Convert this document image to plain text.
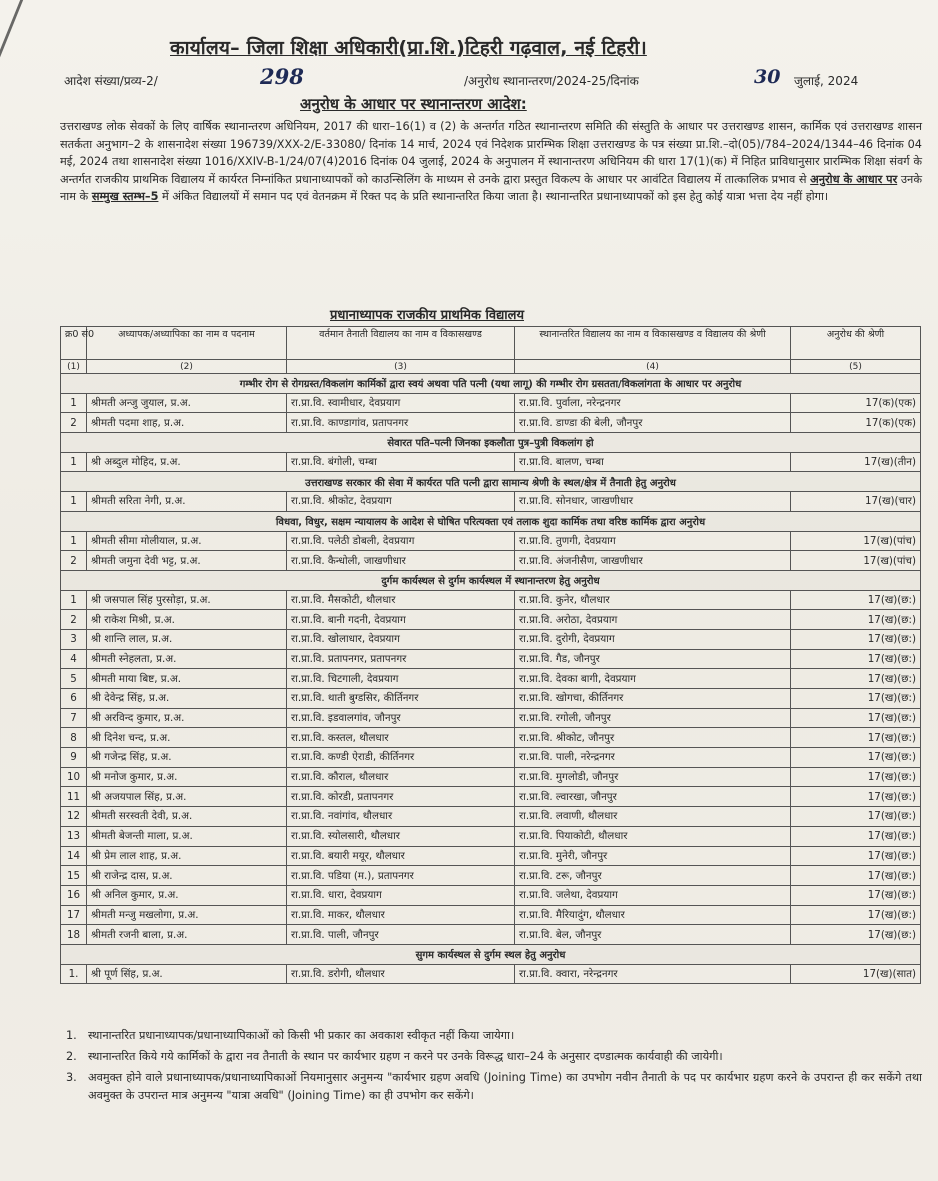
कार्यालय– जिला शिक्षा अधिकारी(प्रा.शि.)टिहरी गढ़वाल, नई टिहरी।
आदेश संख्या/प्रव्य-2/	298	/अनुरोध स्थानान्तरण/2024-25/दिनांक	30 जुलाई, 2024
अनुरोध के आधार पर स्थानान्तरण आदेश:
उत्तराखण्ड लोक सेवकों के लिए वार्षिक स्थानान्तरण अधिनियम, 2017 की धारा–16(1) व (2) के अन्तर्गत गठित स्थानान्तरण समिति की संस्तुति के आधार पर उत्तराखण्ड शासन, कार्मिक एवं उत्तराखण्ड शासन सतर्कता अनुभाग–2 के शासनादेश संख्या 196739/XXX-2/E-33080/ दिनांक 14 मार्च, 2024 एवं निदेशक प्रारम्भिक शिक्षा उत्तराखण्ड के पत्र संख्या प्रा.शि.–दो(05)/784–2024/1344–46 दिनांक 04 मई, 2024 तथा शासनादेश संख्या 1016/XXIV-B-1/24/07(4)2016 दिनांक 04 जुलाई, 2024 के अनुपालन में स्थानान्तरण अधिनियम की धारा 17(1)(क) में निहित प्राविधानुसार प्रारम्भिक शिक्षा संवर्ग के अन्तर्गत राजकीय प्राथमिक विद्यालय में कार्यरत निम्नांकित प्रधानाध्यापकों को काउन्सिलिंग के माध्यम से उनके द्वारा प्रस्तुत विकल्प के आधार पर आवंटित विद्यालय में तात्कालिक प्रभाव से अनुरोध के आधार पर उनके नाम के सम्मुख स्तम्भ–5 में अंकित विद्यालयों में समान पद एवं वेतनक्रम में रिक्त पद के प्रति स्थानान्तरित किया जाता है। स्थानान्तरित प्रधानाध्यापकों को इस हेतु कोई यात्रा भत्ता देय नहीं होगा।
प्रधानाध्यापक राजकीय प्राथमिक विद्यालय
क्र0 सं0	अध्यापक/अध्यापिका का नाम व पदनाम	वर्तमान तैनाती विद्यालय का नाम व विकासखण्ड	स्थानान्तरित विद्यालय का नाम व विकासखण्ड व विद्यालय की श्रेणी	अनुरोध की श्रेणी
(1)	(2)	(3)	(4)	(5)
गम्भीर रोग से रोगग्रस्त/विकलांग कार्मिकों द्वारा स्वयं अथवा पति पत्नी (यथा लागू) की गम्भीर रोग ग्रसतता/विकलांगता के आधार पर अनुरोध				
1	श्रीमती अन्जु जुयाल, प्र.अ.	रा.प्रा.वि. स्वामीधार, देवप्रयाग	रा.प्रा.वि. पुर्वाला, नरेन्द्रनगर	17(क)(एक)
2	श्रीमती पदमा शाह, प्र.अ.	रा.प्रा.वि. काण्डागांव, प्रतापनगर	रा.प्रा.वि. डाण्डा की बेली, जौनपुर	17(क)(एक)
सेवारत पति–पत्नी जिनका इकलौता पुत्र–पुत्री विकलांग हो				
1	श्री अब्दुल मोहिद, प्र.अ.	रा.प्रा.वि. बंगोली, चम्बा	रा.प्रा.वि. बालण, चम्बा	17(ख)(तीन)
उत्तराखण्ड सरकार की सेवा में कार्यरत पति पत्नी द्वारा सामान्य श्रेणी के स्थल/क्षेत्र में तैनाती हेतु अनुरोध				
1	श्रीमती सरिता नेगी, प्र.अ.	रा.प्रा.वि. श्रीकोट, देवप्रयाग	रा.प्रा.वि. सोनधार, जाखणीधार	17(ख)(चार)
विधवा, विधुर, सक्षम न्यायालय के आदेश से घोषित परित्यक्ता एवं तलाक शुदा कार्मिक तथा वरिष्ठ कार्मिक द्वारा अनुरोध				
1	श्रीमती सीमा मोलीयाल, प्र.अ.	रा.प्रा.वि. पलेठी डोबली, देवप्रयाग	रा.प्रा.वि. तुणगी, देवप्रयाग	17(ख)(पांच)
2	श्रीमती जमुना देवी भट्ट, प्र.अ.	रा.प्रा.वि. कैन्धोली, जाखणीधार	रा.प्रा.वि. अंजनीसैण, जाखणीधार	17(ख)(पांच)
दुर्गम कार्यस्थल से दुर्गम कार्यस्थल में स्थानान्तरण हेतु अनुरोध				
1	श्री जसपाल सिंह पुरसोड़ा, प्र.अ.	रा.प्रा.वि. मैसकोटी, थौलधार	रा.प्रा.वि. कुनेर, थौलधार	17(ख)(छ:)
2	श्री राकेश मिश्री, प्र.अ.	रा.प्रा.वि. बानी गदनी, देवप्रयाग	रा.प्रा.वि. अरोठा, देवप्रयाग	17(ख)(छ:)
3	श्री शान्ति लाल, प्र.अ.	रा.प्रा.वि. खोलाधार, देवप्रयाग	रा.प्रा.वि. दुरोगी, देवप्रयाग	17(ख)(छ:)
4	श्रीमती स्नेहलता, प्र.अ.	रा.प्रा.वि. प्रतापनगर, प्रतापनगर	रा.प्रा.वि. गैड, जौनपुर	17(ख)(छ:)
5	श्रीमती माया बिष्ट, प्र.अ.	रा.प्रा.वि. चिटगाली, देवप्रयाग	रा.प्रा.वि. देवका बागी, देवप्रयाग	17(ख)(छ:)
6	श्री देवेन्द्र सिंह, प्र.अ.	रा.प्रा.वि. थाती बुग्डसिर, कीर्तिनगर	रा.प्रा.वि. खोगचा, कीर्तिनगर	17(ख)(छ:)
7	श्री अरविन्द कुमार, प्र.अ.	रा.प्रा.वि. इडवालगांव, जौनपुर	रा.प्रा.वि. रगोली, जौनपुर	17(ख)(छ:)
8	श्री दिनेश चन्द, प्र.अ.	रा.प्रा.वि. कस्तल, थौलधार	रा.प्रा.वि. श्रीकोट, जौनपुर	17(ख)(छ:)
9	श्री गजेन्द्र सिंह, प्र.अ.	रा.प्रा.वि. कण्डी ऐराडी, कीर्तिनगर	रा.प्रा.वि. पाली, नरेन्द्रनगर	17(ख)(छ:)
10	श्री मनोज कुमार, प्र.अ.	रा.प्रा.वि. कौराल, थौलधार	रा.प्रा.वि. मुगलोडी, जौनपुर	17(ख)(छ:)
11	श्री अजयपाल सिंह, प्र.अ.	रा.प्रा.वि. कोरडी, प्रतापनगर	रा.प्रा.वि. ल्वारखा, जौनपुर	17(ख)(छ:)
12	श्रीमती सरस्वती देवी, प्र.अ.	रा.प्रा.वि. नवांगांव, थौलधार	रा.प्रा.वि. लवाणी, थौलधार	17(ख)(छ:)
13	श्रीमती बेजन्ती माला, प्र.अ.	रा.प्रा.वि. स्योलसारी, थौलधार	रा.प्रा.वि. पियाकोटी, थौलधार	17(ख)(छ:)
14	श्री प्रेम लाल शाह, प्र.अ.	रा.प्रा.वि. बयारी मयूर, थौलधार	रा.प्रा.वि. मुनेरी, जौनपुर	17(ख)(छ:)
15	श्री राजेन्द्र दास, प्र.अ.	रा.प्रा.वि. पडिया (म.), प्रतापनगर	रा.प्रा.वि. टरू, जौनपुर	17(ख)(छ:)
16	श्री अनिल कुमार, प्र.अ.	रा.प्रा.वि. धारा, देवप्रयाग	रा.प्रा.वि. जलेथा, देवप्रयाग	17(ख)(छ:)
17	श्रीमती मन्जु मखलोगा, प्र.अ.	रा.प्रा.वि. माकर, थौलधार	रा.प्रा.वि. मैरियादुंग, थौलधार	17(ख)(छ:)
18	श्रीमती रजनी बाला, प्र.अ.	रा.प्रा.वि. पाली, जौनपुर	रा.प्रा.वि. बेल, जौनपुर	17(ख)(छ:)
सुगम कार्यस्थल से दुर्गम स्थल हेतु अनुरोध				
1.	श्री पूर्ण सिंह, प्र.अ.	रा.प्रा.वि. डरोगी, थौलधार	रा.प्रा.वि. क्वारा, नरेन्द्रनगर	17(ख)(सात)
1. स्थानान्तरित प्रधानाध्यापक/प्रधानाध्यापिकाओं को किसी भी प्रकार का अवकाश स्वीकृत नहीं किया जायेगा।
2. स्थानान्तरित किये गये कार्मिकों के द्वारा नव तैनाती के स्थान पर कार्यभार ग्रहण न करने पर उनके विरूद्ध धारा–24 के अनुसार दण्डात्मक कार्यवाही की जायेगी।
3. अवमुक्त होने वाले प्रधानाध्यापक/प्रधानाध्यापिकाओं नियमानुसार अनुमन्य "कार्यभार ग्रहण अवधि (Joining Time) का उपभोग नवीन तैनाती के पद पर कार्यभार ग्रहण करने के उपरान्त ही कर सकेंगे तथा अवमुक्त के उपरान्त मात्र अनुमन्य "यात्रा अवधि" (Joining Time) का ही उपभोग कर सकेंगे।
